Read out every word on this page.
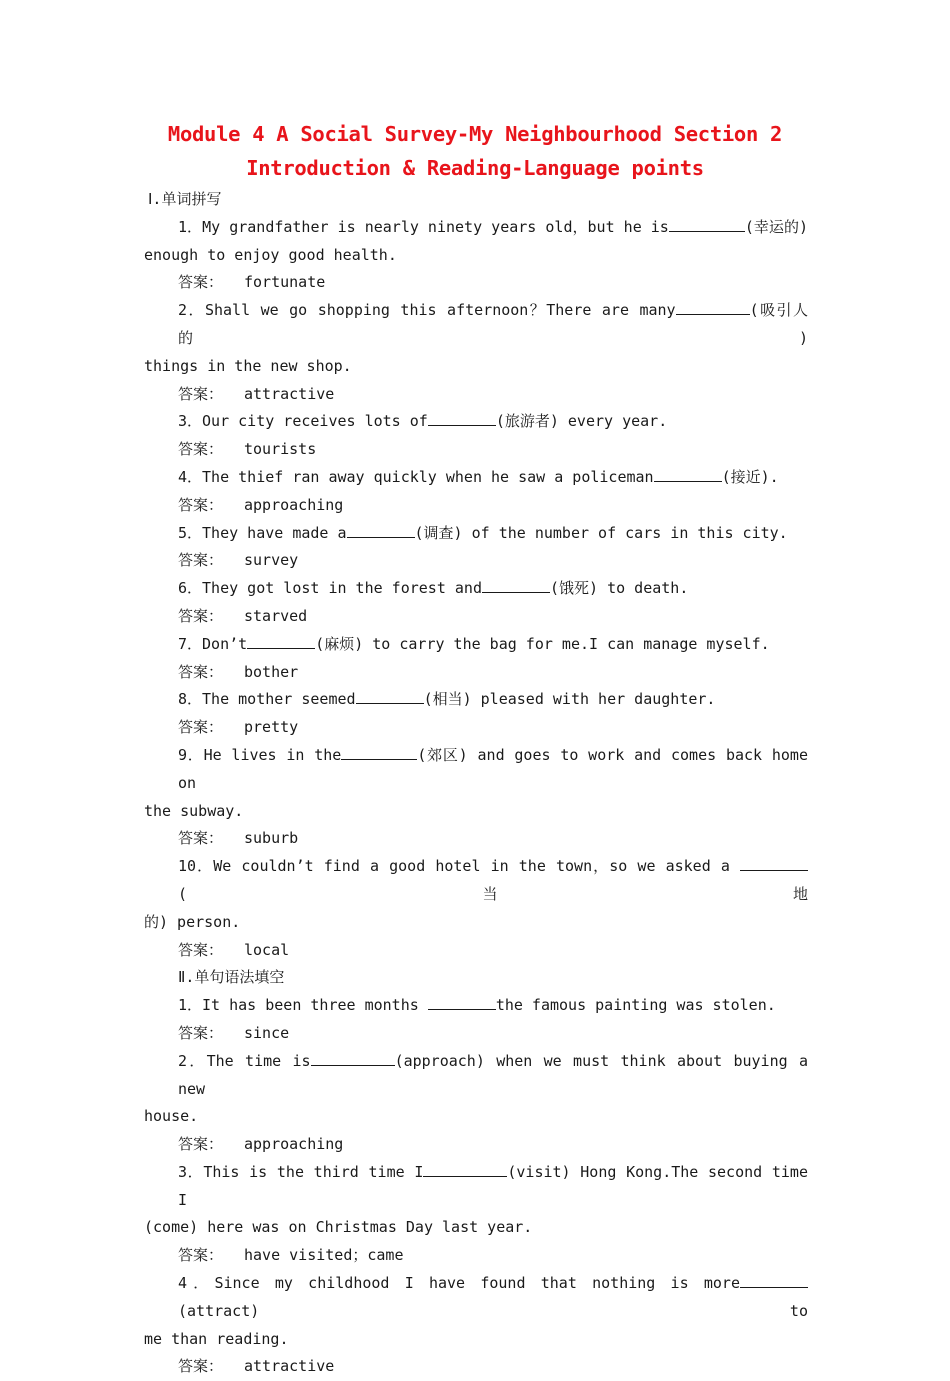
Module 4 A Social Survey-My Neighbourhood Section 2
Introduction & Reading-Language points
Ⅰ.单词拼写
1．My grandfather is nearly ninety years old，but he is	(幸运的)
enough to enjoy good health.
答案： fortunate
2．Shall we go shopping this afternoon？There are many	(吸引人的)
things in the new shop.
答案： attractive
3．Our city receives lots of	(旅游者) every year.
答案： tourists
4．The thief ran away quickly when he saw a policeman	(接近).
答案： approaching
5．They have made a	(调查) of the number of cars in this city.
答案： survey
6．They got lost in the forest and	(饿死) to death.
答案： starved
7．Don’t	(麻烦) to carry the bag for me.I can manage myself.
答案： bother
8．The mother seemed	(相当) pleased with her daughter.
答案： pretty
9．He lives in the	(郊区) and goes to work and comes back home on
the subway.
答案： suburb
10．We couldn’t find a good hotel in the town，so we asked a (当地
的) person.
答案： local
Ⅱ.单句语法填空
1．It has been three months	the famous painting was stolen.
答案： since
2．The time is	(approach) when we must think about buying a new
house.
答案： approaching
3．This is the third time I	(visit) Hong Kong.The second time I
(come) here was on Christmas Day last year.
答案： have visited；came
4．Since my childhood I have found that nothing is more(attract) to
me than reading.
答案： attractive
